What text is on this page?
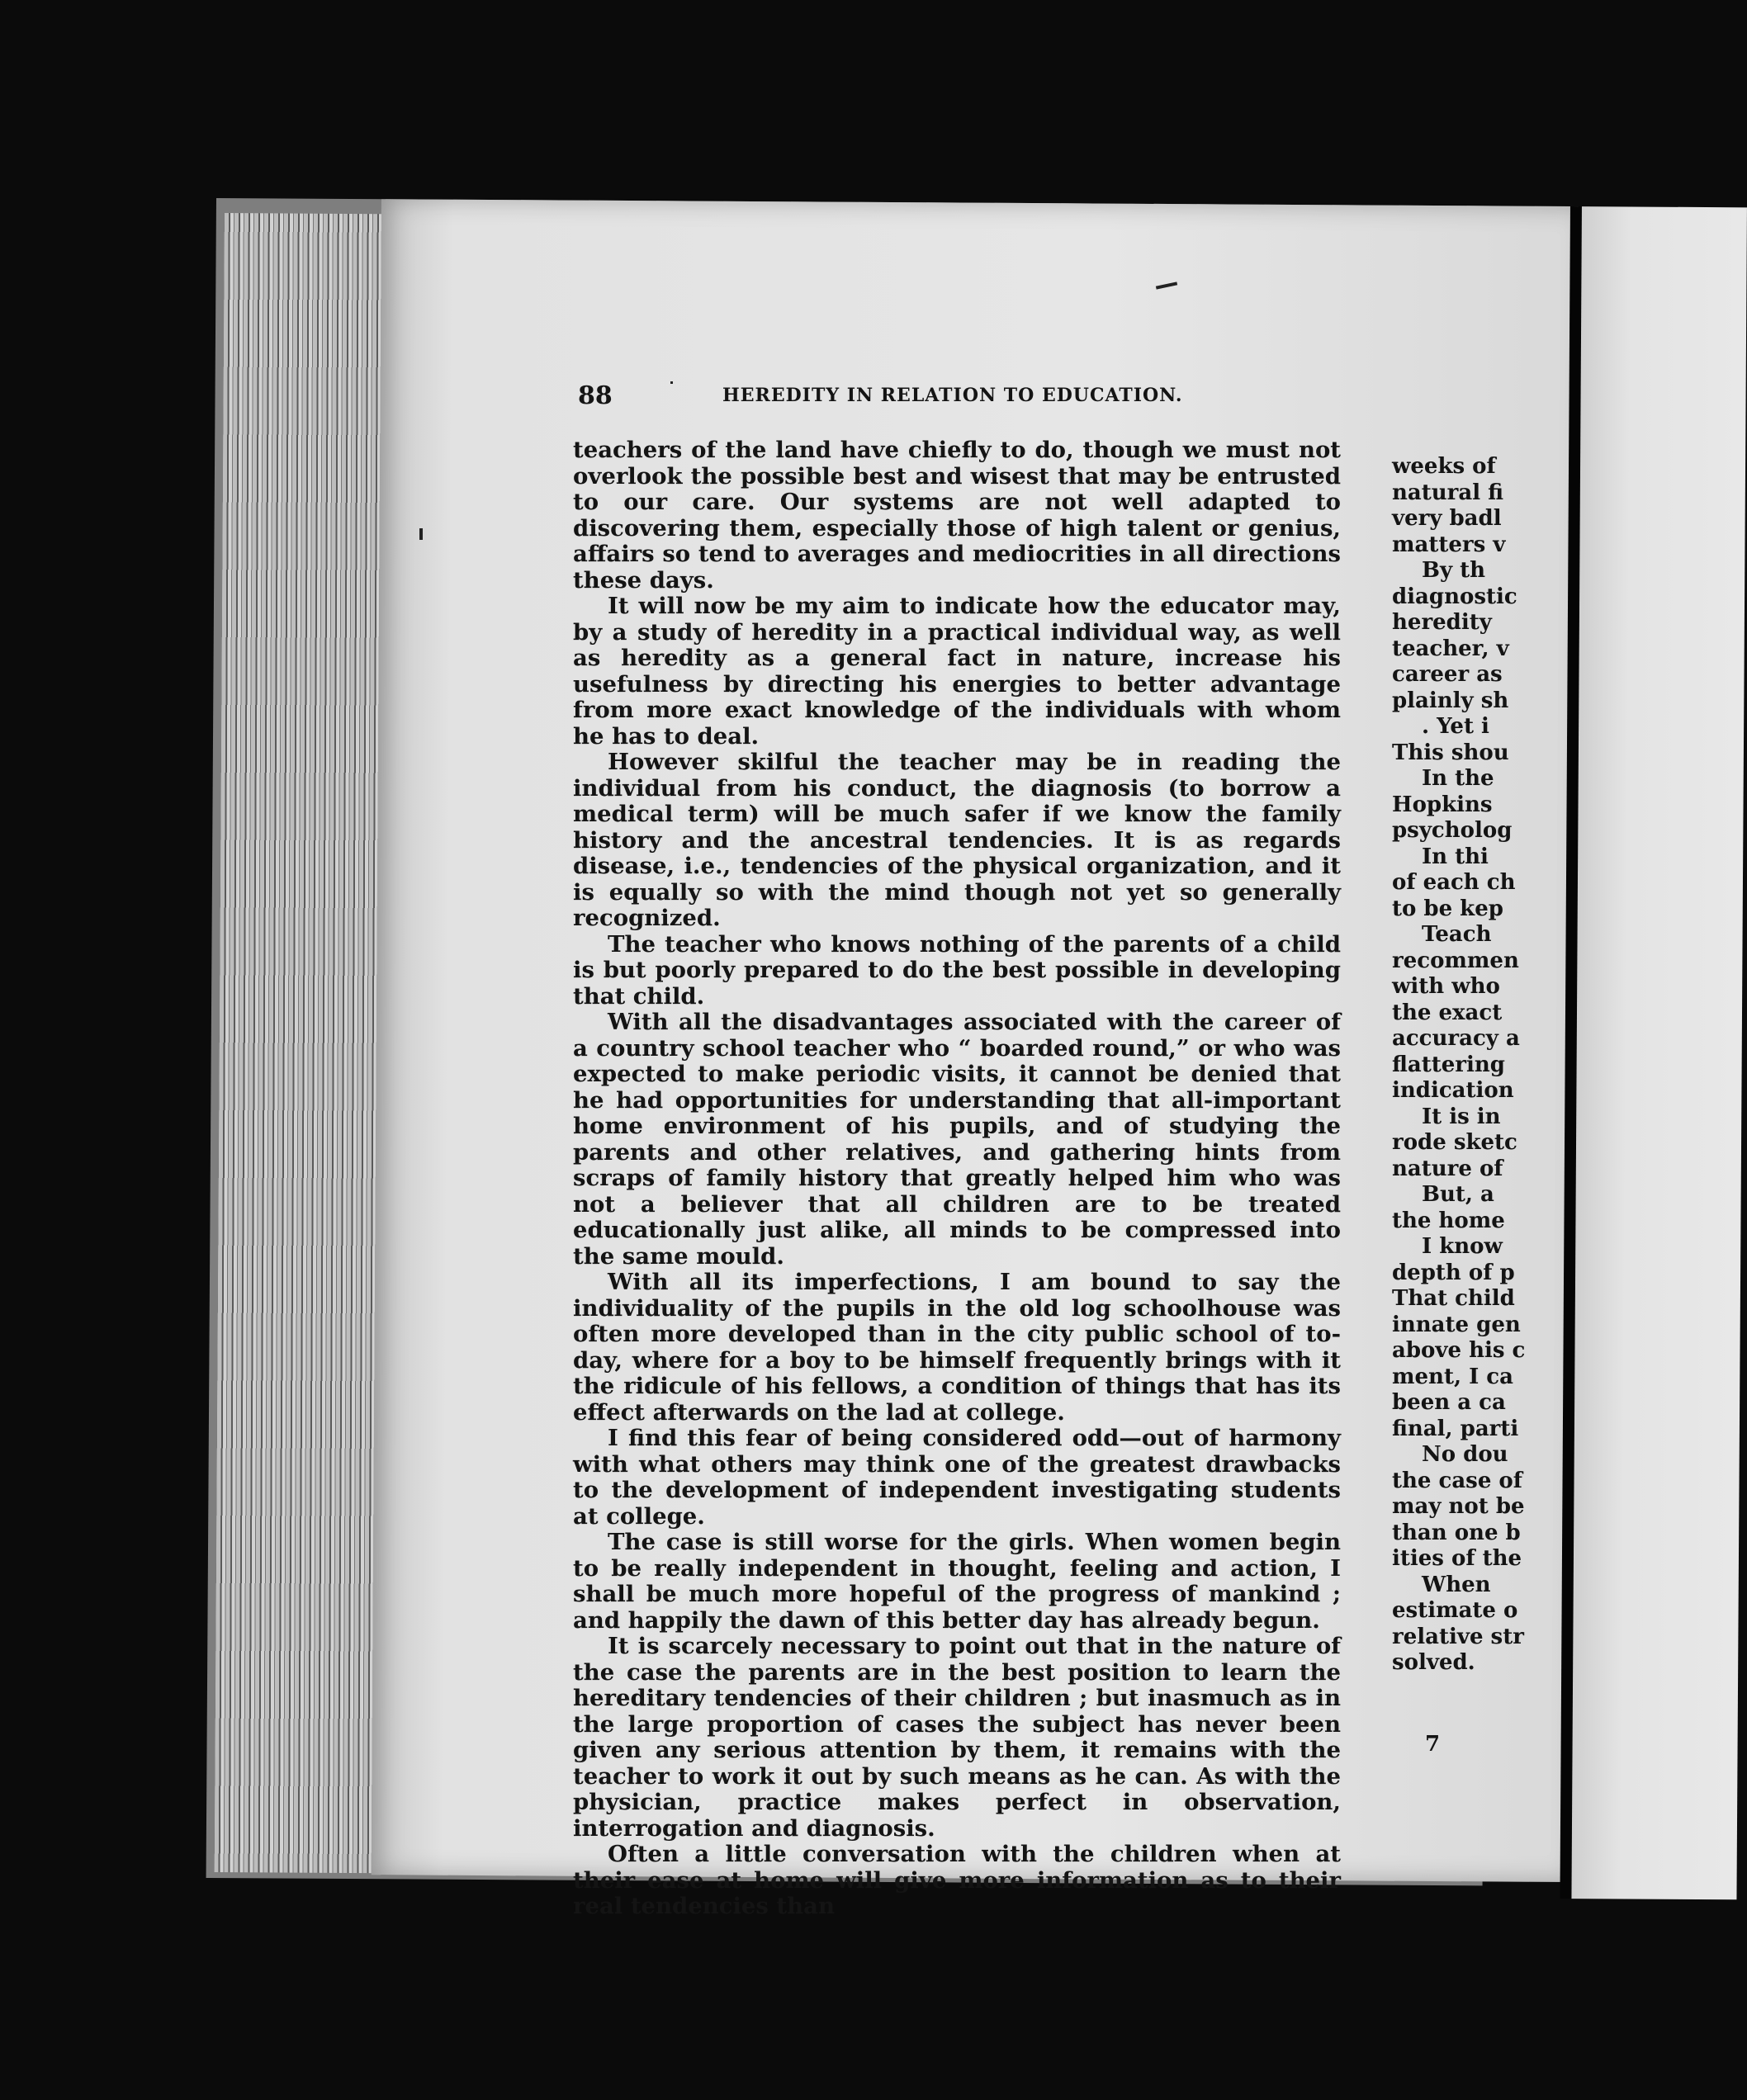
88	HEREDITY IN RELATION TO EDUCATION.

teachers of the land have chiefly to do, though we must not overlook the possible best and wisest that may be entrusted to our care. Our systems are not well adapted to discovering them, especially those of high talent or genius, affairs so tend to averages and mediocrities in all directions these days.

It will now be my aim to indicate how the educator may, by a study of heredity in a practical individual way, as well as heredity as a general fact in nature, increase his usefulness by directing his energies to better advantage from more exact knowledge of the individuals with whom he has to deal.

However skilful the teacher may be in reading the individual from his conduct, the diagnosis (to borrow a medical term) will be much safer if we know the family history and the ancestral tendencies. It is as regards disease, i.e., tendencies of the physical organization, and it is equally so with the mind though not yet so generally recognized.

The teacher who knows nothing of the parents of a child is but poorly prepared to do the best possible in developing that child.

With all the disadvantages associated with the career of a country school teacher who “ boarded round,” or who was expected to make periodic visits, it cannot be denied that he had opportunities for understanding that all-important home environment of his pupils, and of studying the parents and other relatives, and gathering hints from scraps of family history that greatly helped him who was not a believer that all children are to be treated educationally just alike, all minds to be compressed into the same mould.

With all its imperfections, I am bound to say the individuality of the pupils in the old log schoolhouse was often more developed than in the city public school of to-day, where for a boy to be himself frequently brings with it the ridicule of his fellows, a condition of things that has its effect afterwards on the lad at college.

I find this fear of being considered odd—out of harmony with what others may think one of the greatest drawbacks to the development of independent investigating students at college.

The case is still worse for the girls. When women begin to be really independent in thought, feeling and action, I shall be much more hopeful of the progress of mankind ; and happily the dawn of this better day has already begun.

It is scarcely necessary to point out that in the nature of the case the parents are in the best position to learn the hereditary tendencies of their children ; but inasmuch as in the large proportion of cases the subject has never been given any serious attention by them, it remains with the teacher to work it out by such means as he can. As with the physician, practice makes perfect in observation, interrogation and diagnosis.

Often a little conversation with the children when at their ease at home will give more information as to their real tendencies than

weeks of
natural fi
very badl
matters v
By th
diagnostic
heredity
teacher, v
career as
plainly sh
. Yet i
This shou
In the
Hopkins
psycholog
In thi
of each ch
to be kep
Teach
recommen
with who
the exact
accuracy a
flattering
indication
It is in
rode sketc
nature of
But, a
the home
I know
depth of p
That child
innate gen
above his c
ment, I ca
been a ca
final, parti
No dou
the case of
may not be
than one b
ities of the
When
estimate o
relative str
solved.
7
